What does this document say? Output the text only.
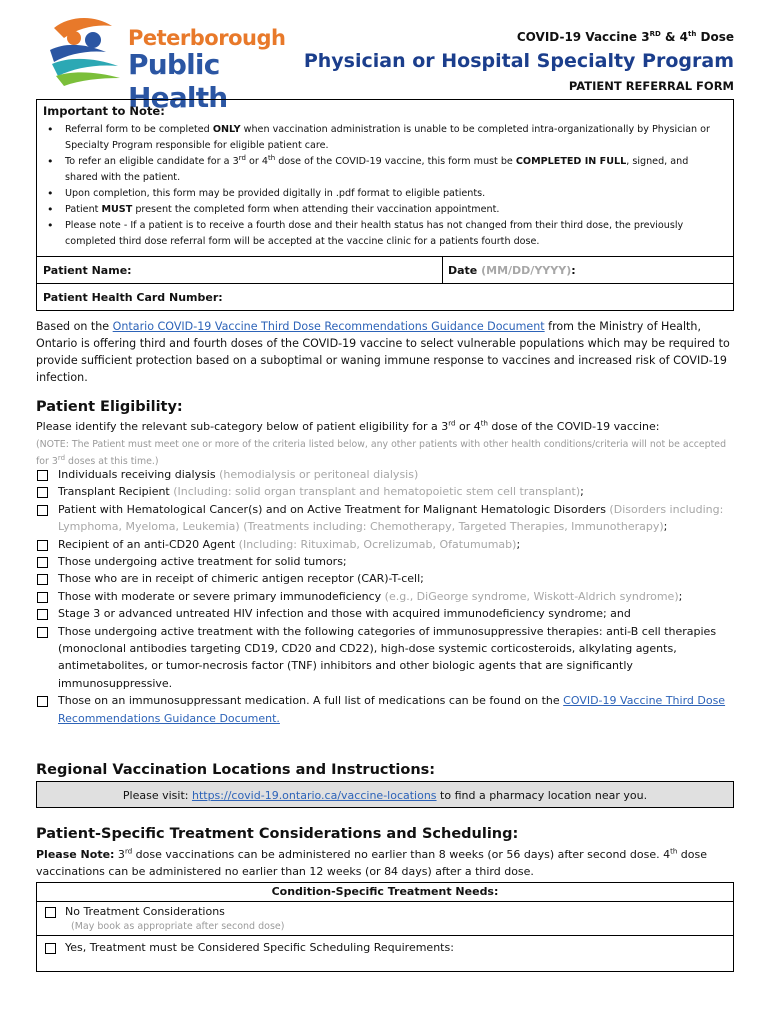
Peterborough
Public Health
COVID-19 Vaccine 3RD & 4th Dose
Physician or Hospital Specialty Program
PATIENT REFERRAL FORM
Important to Note:
• Referral form to be completed ONLY when vaccination administration is unable to be completed intra-organizationally by Physician or Specialty Program responsible for eligible patient care.
• To refer an eligible candidate for a 3rd or 4th dose of the COVID-19 vaccine, this form must be COMPLETED IN FULL, signed, and shared with the patient.
• Upon completion, this form may be provided digitally in .pdf format to eligible patients.
• Patient MUST present the completed form when attending their vaccination appointment.
• Please note - If a patient is to receive a fourth dose and their health status has not changed from their third dose, the previously completed third dose referral form will be accepted at the vaccine clinic for a patients fourth dose.
Patient Name:	Date (MM/DD/YYYY):
Patient Health Card Number:
Based on the Ontario COVID-19 Vaccine Third Dose Recommendations Guidance Document from the Ministry of Health, Ontario is offering third and fourth doses of the COVID-19 vaccine to select vulnerable populations which may be required to provide sufficient protection based on a suboptimal or waning immune response to vaccines and increased risk of COVID-19 infection.
Patient Eligibility:
Please identify the relevant sub-category below of patient eligibility for a 3rd or 4th dose of the COVID-19 vaccine:
(NOTE: The Patient must meet one or more of the criteria listed below, any other patients with other health conditions/criteria will not be accepted for 3rd doses at this time.)
Individuals receiving dialysis (hemodialysis or peritoneal dialysis)
Transplant Recipient (Including: solid organ transplant and hematopoietic stem cell transplant);
Patient with Hematological Cancer(s) and on Active Treatment for Malignant Hematologic Disorders (Disorders including: Lymphoma, Myeloma, Leukemia) (Treatments including: Chemotherapy, Targeted Therapies, Immunotherapy);
Recipient of an anti-CD20 Agent (Including: Rituximab, Ocrelizumab, Ofatumumab);
Those undergoing active treatment for solid tumors;
Those who are in receipt of chimeric antigen receptor (CAR)-T-cell;
Those with moderate or severe primary immunodeficiency (e.g., DiGeorge syndrome, Wiskott-Aldrich syndrome);
Stage 3 or advanced untreated HIV infection and those with acquired immunodeficiency syndrome; and
Those undergoing active treatment with the following categories of immunosuppressive therapies: anti-B cell therapies (monoclonal antibodies targeting CD19, CD20 and CD22), high-dose systemic corticosteroids, alkylating agents, antimetabolites, or tumor-necrosis factor (TNF) inhibitors and other biologic agents that are significantly immunosuppressive.
Those on an immunosuppressant medication. A full list of medications can be found on the COVID-19 Vaccine Third Dose Recommendations Guidance Document.
Regional Vaccination Locations and Instructions:
Please visit: https://covid-19.ontario.ca/vaccine-locations to find a pharmacy location near you.
Patient-Specific Treatment Considerations and Scheduling:
Please Note: 3rd dose vaccinations can be administered no earlier than 8 weeks (or 56 days) after second dose. 4th dose vaccinations can be administered no earlier than 12 weeks (or 84 days) after a third dose.
Condition-Specific Treatment Needs:
No Treatment Considerations
(May book as appropriate after second dose)
Yes, Treatment must be Considered Specific Scheduling Requirements:
